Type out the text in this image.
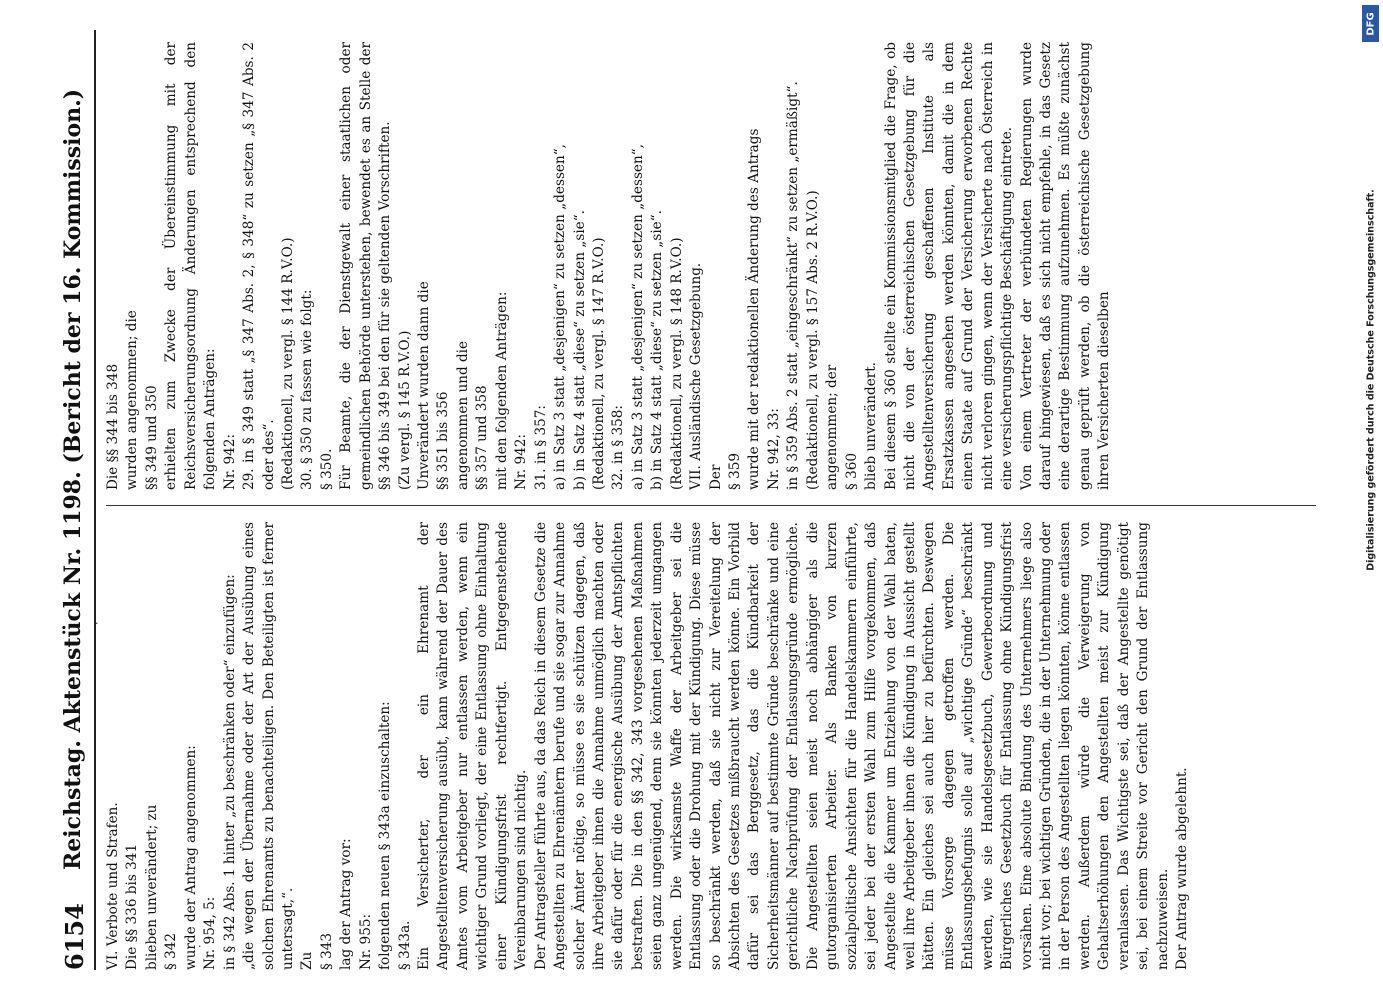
6154
Reichstag. Aktenstück Nr. 1198. (Bericht der 16. Kommission.)
VI. Verbote und Strafen.
Die §§ 336 bis 341
blieben unverändert; zu
§ 342
wurde der Antrag angenommen:
Nr. 954, 5:
in § 342 Abs. 1 hinter „zu beschränken oder“ einzufügen:
„die wegen der Übernahme oder der Art der Ausübung eines solchen Ehrenamts zu benachteiligen. Den Beteiligten ist ferner untersagt,“.
Zu
§ 343
lag der Antrag vor:
Nr. 955:
folgenden neuen § 343a einzuschalten:
§ 343a.
Ein Versicherter, der ein Ehrenamt der Angestelltenversicherung ausübt, kann während der Dauer des Amtes vom Arbeitgeber nur entlassen werden, wenn ein wichtiger Grund vorliegt, der eine Entlassung ohne Einhaltung einer Kündigungsfrist rechtfertigt. Entgegenstehende Vereinbarungen sind nichtig.
Der Antragsteller führte aus, da das Reich in diesem Gesetze die Angestellten zu Ehrenämtern berufe und sie sogar zur Annahme solcher Ämter nötige, so müsse es sie schützen dagegen, daß ihre Arbeitgeber ihnen die Annahme unmöglich machten oder sie dafür oder für die energische Ausübung der Amtspflichten bestraften. Die in den §§ 342, 343 vorgesehenen Maßnahmen seien ganz ungenügend, denn sie könnten jederzeit umgangen werden. Die wirksamste Waffe der Arbeitgeber sei die Entlassung oder die Drohung mit der Kündigung. Diese müsse so beschränkt werden, daß sie nicht zur Vereitelung der Absichten des Gesetzes mißbraucht werden könne. Ein Vorbild dafür sei das Berggesetz, das die Kündbarkeit der Sicherheitsmänner auf bestimmte Gründe beschränke und eine gerichtliche Nachprüfung der Entlassungsgründe ermögliche. Die Angestellten seien meist noch abhängiger als die gutorganisierten Arbeiter. Als Banken von kurzen sozialpolitische Ansichten für die Handelskammern einführte, sei jeder bei der ersten Wahl zum Hilfe vorgekommen, daß Angestellte die Kammer um Entziehung von der Wahl baten, weil ihre Arbeitgeber ihnen die Kündigung in Aussicht gestellt hätten. Ein gleiches sei auch hier zu befürchten. Deswegen müsse Vorsorge dagegen getroffen werden. Die Entlassungsbefugnis solle auf „wichtige Gründe“ beschränkt werden, wie sie Handelsgesetzbuch, Gewerbeordnung und Bürgerliches Gesetzbuch für Entlassung ohne Kündigungsfrist vorsähen. Eine absolute Bindung des Unternehmers liege also nicht vor; bei wichtigen Gründen, die in der Unternehmung oder in der Person des Angestellten liegen könnten, könne entlassen werden. Außerdem würde die Verweigerung von Gehaltserhöhungen den Angestellten meist zur Kündigung veranlassen. Das Wichtigste sei, daß der Angestellte genötigt sei, bei einem Streite vor Gericht den Grund der Entlassung nachzuweisen.
Der Antrag wurde abgelehnt.
Die §§ 344 bis 348
wurden angenommen; die
§§ 349 und 350
erhielten zum Zwecke der Übereinstimmung mit der Reichsversicherungsordnung Änderungen entsprechend den folgenden Anträgen:
Nr. 942:
29. in § 349 statt „§ 347 Abs. 2, § 348“ zu setzen „§ 347 Abs. 2 oder des“.
(Redaktionell, zu vergl. § 144 R.V.O.)
30. § 350 zu fassen wie folgt:
§ 350.
Für Beamte, die der Dienstgewalt einer staatlichen oder gemeindlichen Behörde unterstehen, bewendet es an Stelle der §§ 346 bis 349 bei den für sie geltenden Vorschriften.
(Zu vergl. § 145 R.V.O.)
Unverändert wurden dann die
§§ 351 bis 356
angenommen und die
§§ 357 und 358
mit den folgenden Anträgen:
Nr. 942:
31. in § 357:
a) in Satz 3 statt „desjenigen“ zu setzen „dessen“,
b) in Satz 4 statt „diese“ zu setzen „sie“.
(Redaktionell, zu vergl. § 147 R.V.O.)
32. in § 358:
a) in Satz 3 statt „desjenigen“ zu setzen „dessen“,
b) in Satz 4 statt „diese“ zu setzen „sie“.
(Redaktionell, zu vergl. § 148 R.V.O.)
VII. Ausländische Gesetzgebung.
Der
§ 359
wurde mit der redaktionellen Änderung des Antrags
Nr. 942, 33:
in § 359 Abs. 2 statt „eingeschränkt“ zu setzen „ermäßigt“.
(Redaktionell, zu vergl. § 157 Abs. 2 R.V.O.)
angenommen; der
§ 360
blieb unverändert.
Bei diesem § 360 stellte ein Kommissionsmitglied die Frage, ob nicht die von der österreichischen Gesetzgebung für die Angestelltenversicherung geschaffenen Institute als Ersatzkassen angesehen werden könnten, damit die in dem einen Staate auf Grund der Versicherung erworbenen Rechte nicht verloren gingen, wenn der Versicherte nach Österreich in eine versicherungspflichtige Beschäftigung eintrete.
Von einem Vertreter der verbündeten Regierungen wurde darauf hingewiesen, daß es sich nicht empfehle, in das Gesetz eine derartige Bestimmung aufzunehmen. Es müßte zunächst genau geprüft werden, ob die österreichische Gesetzgebung ihren Versicherten dieselben
·
·
DFG
Digitalisierung gefördert durch die Deutsche Forschungsgemeinschaft.
